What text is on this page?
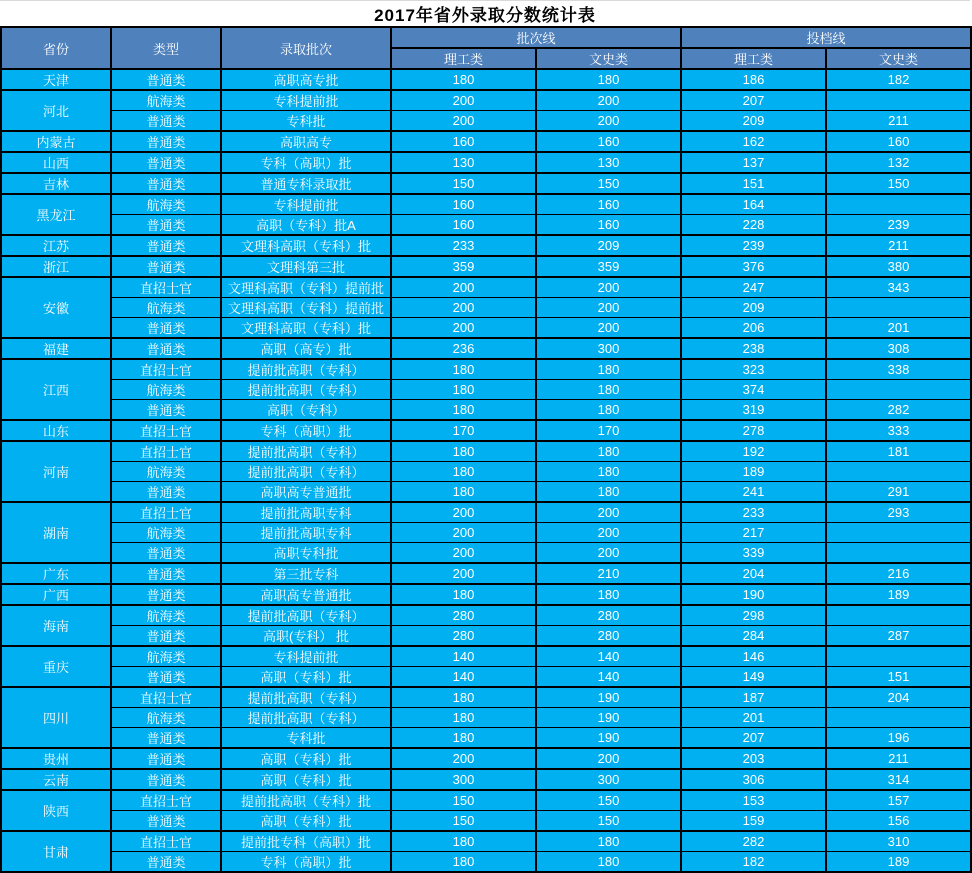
2017年省外录取分数统计表
省份	类型	录取批次	批次线		投档线	
			理工类	文史类	理工类	文史类
天津	普通类	高职高专批	180	180	186	182
河北	航海类	专科提前批	200	200	207	
	普通类	专科批	200	200	209	211
内蒙古	普通类	高职高专	160	160	162	160
山西	普通类	专科（高职）批	130	130	137	132
吉林	普通类	普通专科录取批	150	150	151	150
黑龙江	航海类	专科提前批	160	160	164	
	普通类	高职（专科）批A	160	160	228	239
江苏	普通类	文理科高职（专科）批	233	209	239	211
浙江	普通类	文理科第三批	359	359	376	380
安徽	直招士官	文理科高职（专科）提前批	200	200	247	343
	航海类	文理科高职（专科）提前批	200	200	209	
	普通类	文理科高职（专科）批	200	200	206	201
福建	普通类	高职（高专）批	236	300	238	308
江西	直招士官	提前批高职（专科）	180	180	323	338
	航海类	提前批高职（专科）	180	180	374	
	普通类	高职（专科）	180	180	319	282
山东	直招士官	专科（高职）批	170	170	278	333
河南	直招士官	提前批高职（专科）	180	180	192	181
	航海类	提前批高职（专科）	180	180	189	
	普通类	高职高专普通批	180	180	241	291
湖南	直招士官	提前批高职专科	200	200	233	293
	航海类	提前批高职专科	200	200	217	
	普通类	高职专科批	200	200	339	
广东	普通类	第三批专科	200	210	204	216
广西	普通类	高职高专普通批	180	180	190	189
海南	航海类	提前批高职（专科）	280	280	298	
	普通类	高职(专科） 批	280	280	284	287
重庆	航海类	专科提前批	140	140	146	
	普通类	高职（专科）批	140	140	149	151
四川	直招士官	提前批高职（专科）	180	190	187	204
	航海类	提前批高职（专科）	180	190	201	
	普通类	专科批	180	190	207	196
贵州	普通类	高职（专科）批	200	200	203	211
云南	普通类	高职（专科）批	300	300	306	314
陕西	直招士官	提前批高职（专科）批	150	150	153	157
	普通类	高职（专科）批	150	150	159	156
甘肃	直招士官	提前批专科（高职）批	180	180	282	310
	普通类	专科（高职）批	180	180	182	189
